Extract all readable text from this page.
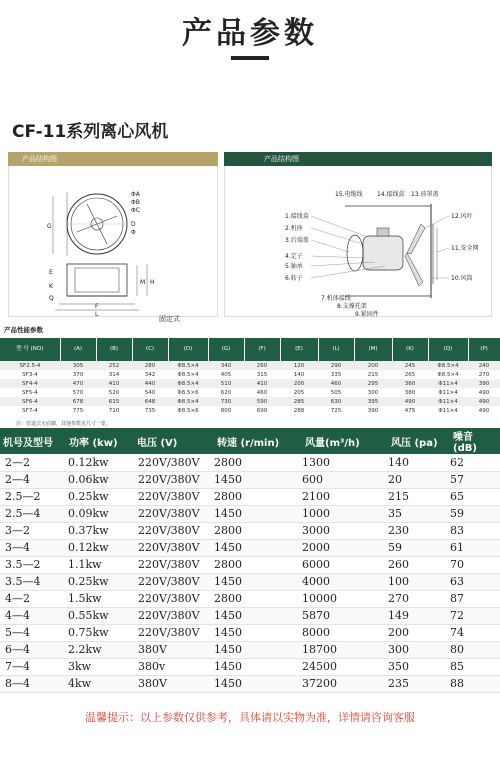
产品参数
CF-11系列离心风机
产品结构图
ΦA
ΦB
ΦC
D
Φ
G
E
K
M H
Q
F
L
固定式
产品结构图
15.电缆线 14.接线盒 13.前罩盖
12.风叶
11.安全网
10.风筒
1.接线盒
2.机座
3.后端盖
4.定子
5.轴承
6.转子
7.机体接线
8.支撑托架
9.紧固件
产品性能参数
型 号 (NO)	(A)	(B)	(C)	(D)	(G)	(F)	(E)	(L)	(M)	(K)	(Q)	(P)
SF2.5-4	305	252	280	Φ8.5×4	340	260	120	290	200	245	Φ8.5×4	240
SF3-4	370	314	342	Φ8.5×4	405	315	140	335	215	265	Φ8.5×4	270
SF4-4	470	410	440	Φ8.5×4	510	410	200	460	295	360	Φ11×4	390
SF5-4	570	520	540	Φ8.5×6	620	460	205	505	300	380	Φ11×4	490
SF6-4	678	615	648	Φ8.5×4	730	590	285	630	395	490	Φ11×4	490
SF7-4	775	710	735	Φ8.5×6	800	690	288	725	390	475	Φ11×4	490
注：管道式无底脚，其他参数见尺寸一览。
机号及型号	功率 (kw)	电压 (V)	转速 (r/min)	风量(m³/h)	风压 (pa)	噪音 (dB)
2—2	0.12kw	220V/380V	2800	1300	140	62
2—4	0.06kw	220V/380V	1450	600	20	57
2.5—2	0.25kw	220V/380V	2800	2100	215	65
2.5—4	0.09kw	220V/380V	1450	1000	35	59
3—2	0.37kw	220V/380V	2800	3000	230	83
3—4	0.12kw	220V/380V	1450	2000	59	61
3.5—2	1.1kw	220V/380V	2800	6000	260	70
3.5—4	0.25kw	220V/380V	1450	4000	100	63
4—2	1.5kw	220V/380V	2800	10000	270	87
4—4	0.55kw	220V/380V	1450	5870	149	72
5—4	0.75kw	220V/380V	1450	8000	200	74
6—4	2.2kw	380V	1450	18700	300	80
7—4	3kw	380v	1450	24500	350	85
8—4	4kw	380V	1450	37200	235	88
温馨提示：以上参数仅供参考，具体请以实物为准，详情请咨询客服
